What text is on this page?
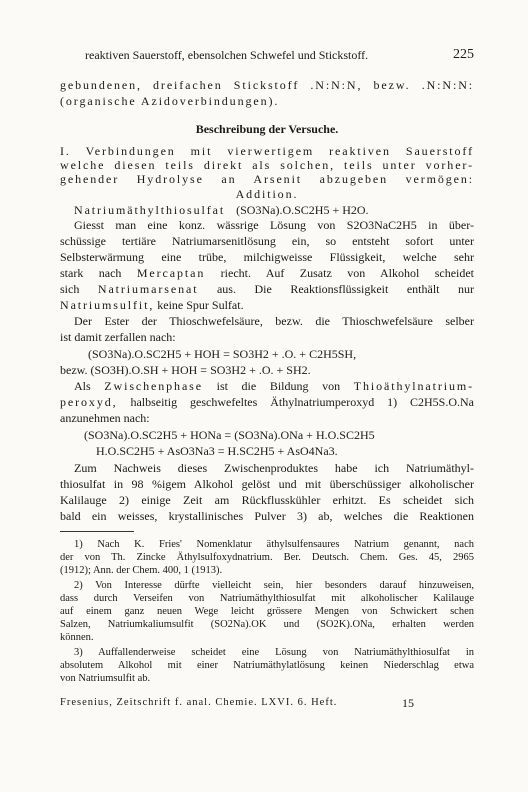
reaktiven Sauerstoff, ebensolchen Schwefel und Stickstoff.	225
gebundenen, dreifachen Stickstoff .N:N:N, bezw. .N:N:N:
(organische Azidoverbindungen).
Beschreibung der Versuche.
I. Verbindungen mit vierwertigem reaktiven Sauerstoff
welche diesen teils direkt als solchen, teils unter vorher-
gehender Hydrolyse an Arsenit abzugeben vermögen:
Addition.
Natriumäthylthiosulfat (SO3Na).O.SC2H5 + H2O.
Giesst man eine konz. wässrige Lösung von S2O3NaC2H5 in über-
schüssige tertiäre Natriumarsenitlösung ein, so entsteht sofort unter
Selbsterwärmung eine trübe, milchigweisse Flüssigkeit, welche sehr
stark nach Mercaptan riecht. Auf Zusatz von Alkohol scheidet
sich Natriumarsenat aus. Die Reaktionsflüssigkeit enthält nur
Natriumsulfit, keine Spur Sulfat.
Der Ester der Thioschwefelsäure, bezw. die Thioschwefelsäure selber
ist damit zerfallen nach:
(SO3Na).O.SC2H5 + HOH = SO3H2 + .O. + C2H5SH,
bezw. (SO3H).O.SH + HOH = SO3H2 + .O. + SH2.
Als Zwischenphase ist die Bildung von Thioäthylnatrium-
peroxyd, halbseitig geschwefeltes Äthylnatriumperoxyd 1) C2H5S.O.Na
anzunehmen nach:
(SO3Na).O.SC2H5 + HONa = (SO3Na).ONa + H.O.SC2H5
H.O.SC2H5 + AsO3Na3 = H.SC2H5 + AsO4Na3.
Zum Nachweis dieses Zwischenproduktes habe ich Natriumäthyl-
thiosulfat in 98 %igem Alkohol gelöst und mit überschüssiger alkoholischer
Kalilauge 2) einige Zeit am Rückflusskühler erhitzt. Es scheidet sich
bald ein weisses, krystallinisches Pulver 3) ab, welches die Reaktionen
1) Nach K. Fries' Nomenklatur äthylsulfensaures Natrium genannt, nach
der von Th. Zincke Äthylsulfoxydnatrium. Ber. Deutsch. Chem. Ges. 45, 2965
(1912); Ann. der Chem. 400, 1 (1913).
2) Von Interesse dürfte vielleicht sein, hier besonders darauf hinzuweisen,
dass durch Verseifen von Natriumäthylthiosulfat mit alkoholischer Kalilauge
auf einem ganz neuen Wege leicht grössere Mengen von Schwickert schen
Salzen, Natriumkaliumsulfit (SO2Na).OK und (SO2K).ONa, erhalten werden
können.
3) Auffallenderweise scheidet eine Lösung von Natriumäthylthiosulfat in
absolutem Alkohol mit einer Natriumäthylatlösung keinen Niederschlag etwa
von Natriumsulfit ab.
Fresenius, Zeitschrift f. anal. Chemie. LXVI. 6. Heft.	15
